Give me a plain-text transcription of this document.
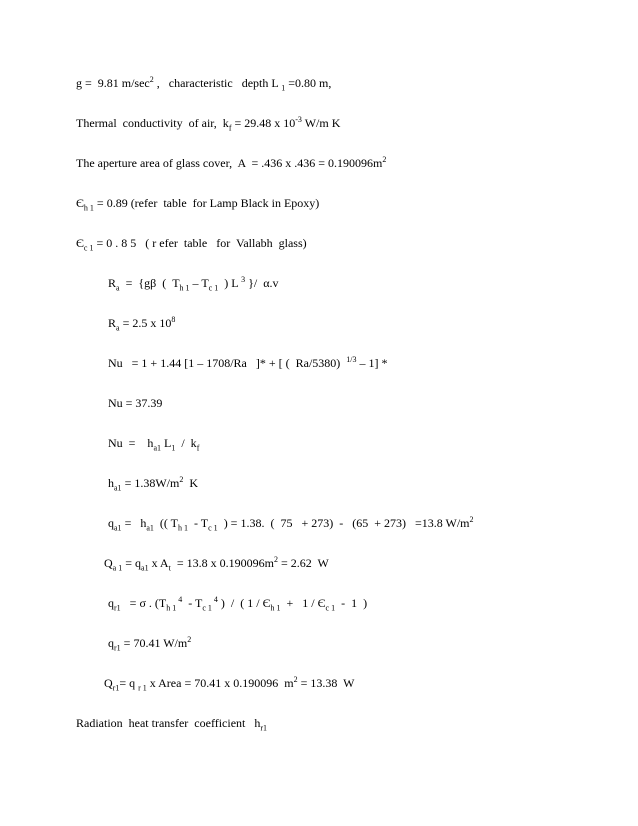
g =  9.81 $m/\sec^2$ ,   characteristic   depth L $_1$ =0.80 m,
Thermal  conductivity  of air,  $k_f = 29.48$ x $10^{-3}$ W/m K
The aperture area of glass cover,  A  = .436 x $.436 = 0.190096m^2$
$Є_{h 1} = 0.89$ (refer  table  for Lamp Black in Epoxy)
$Є_{c 1} = 0$ . 8 5   ( r efer  table   for  Vallabh  glass)
$R_a = \{g\beta$  (  $T_{h 1} - T_{c 1}$  ) L $^3$ }/  α.v
$R_a = 2.5$ x $10^8$
Nu   = 1 + 1.44 [1 – 1708/Ra   ]* + [ (  Ra/5380)  $^{1/3}$ – 1] *
Nu = 37.39
Nu  =    $h_{a1}$ $L_1 / k_f$
$h_{a1} = 1.38W/m^2$  K
$q_{a1} = h_{a1}$  (( $T_{h 1} - T_{c 1}$  ) = 1.38.  (  75   + 273)  -   (65  + 273)   =13.8 $W/m^2$
$Q_{a 1} = q_{a1}$ x $A_t = 13.8$ x $0.190096m^2 = 2.62$  W
$q_{r1} = \sigma$ . ($T_{h 1}$ $^4 - T_{c 1}$ $^4$ )  /  ( $1 / Є_{h 1} + 1 / Є_{c 1} - 1$  )
$q_{r1} = 70.41$ $W/m^2$
$Q_{r1}= q$ $_{r 1}$ x Area = 70.41 x 0.190096  $m^2 = 13.38$  W
Radiation  heat transfer  coefficient   $h_{r1}$
